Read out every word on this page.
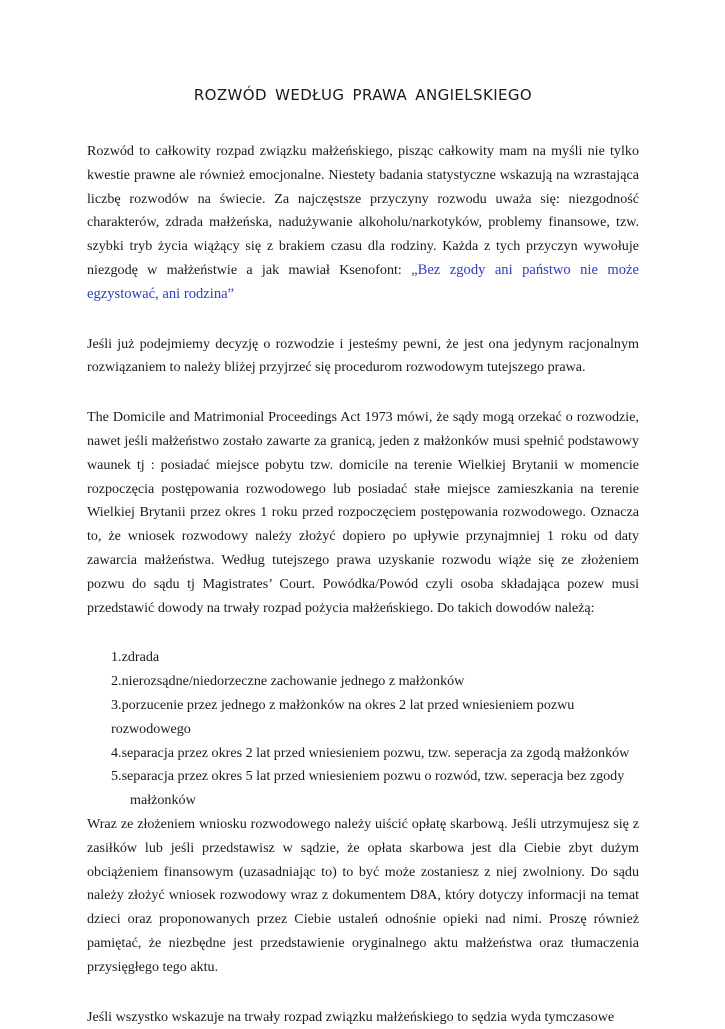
ROZWÓD WEDŁUG PRAWA ANGIELSKIEGO

Rozwód to całkowity rozpad związku małżeńskiego, pisząc całkowity mam na myśli nie tylko kwestie prawne ale również emocjonalne. Niestety badania statystyczne wskazują na wzrastająca liczbę rozwodów na świecie. Za najczęstsze przyczyny rozwodu uważa się: niezgodność charakterów, zdrada małżeńska, nadużywanie alkoholu/narkotyków, problemy finansowe, tzw. szybki tryb życia wiążący się z brakiem czasu dla rodziny. Każda z tych przyczyn wywołuje niezgodę w małżeństwie a jak mawiał Ksenofont: „Bez zgody ani państwo nie może egzystować, ani rodzina”

Jeśli już podejmiemy decyzję o rozwodzie i jesteśmy pewni, że jest ona jedynym racjonalnym rozwiązaniem to należy bliżej przyjrzeć się procedurom rozwodowym tutejszego prawa.

The Domicile and Matrimonial Proceedings Act 1973 mówi, że sądy mogą orzekać o rozwodzie, nawet jeśli małżeństwo zostało zawarte za granicą, jeden z małżonków musi spełnić podstawowy waunek tj : posiadać miejsce pobytu tzw. domicile na terenie Wielkiej Brytanii w momencie rozpoczęcia postępowania rozwodowego lub posiadać stałe miejsce zamieszkania na terenie Wielkiej Brytanii przez okres 1 roku przed rozpoczęciem postępowania rozwodowego. Oznacza to, że wniosek rozwodowy należy złożyć dopiero po upływie przynajmniej 1 roku od daty zawarcia małżeństwa. Według tutejszego prawa uzyskanie rozwodu wiąże się ze złożeniem pozwu do sądu tj Magistrates’ Court. Powódka/Powód czyli osoba składająca pozew musi przedstawić dowody na trwały rozpad pożycia małżeńskiego. Do takich dowodów należą:

1.zdrada
2.nierozsądne/niedorzeczne zachowanie jednego z małżonków
3.porzucenie przez jednego z małżonków na okres 2 lat przed wniesieniem pozwu rozwodowego
4.separacja przez okres 2 lat przed wniesieniem pozwu, tzw. seperacja za zgodą małżonków
5.separacja przez okres 5 lat przed wniesieniem pozwu o rozwód, tzw. seperacja bez zgody
małżonków

Wraz ze złożeniem wniosku rozwodowego należy uiścić opłatę skarbową. Jeśli utrzymujesz się z zasiłków lub jeśli przedstawisz w sądzie, że opłata skarbowa jest dla Ciebie zbyt dużym obciążeniem finansowym (uzasadniając to) to być może zostaniesz z niej zwolniony. Do sądu należy złożyć wniosek rozwodowy wraz z dokumentem D8A, który dotyczy informacji na temat dzieci oraz proponowanych przez Ciebie ustaleń odnośnie opieki nad nimi. Proszę również pamiętać, że niezbędne jest przedstawienie oryginalnego aktu małżeństwa oraz tłumaczenia przysięgłego tego aktu.

Jeśli wszystko wskazuje na trwały rozpad związku małżeńskiego to sędzia wyda tymczasowe
